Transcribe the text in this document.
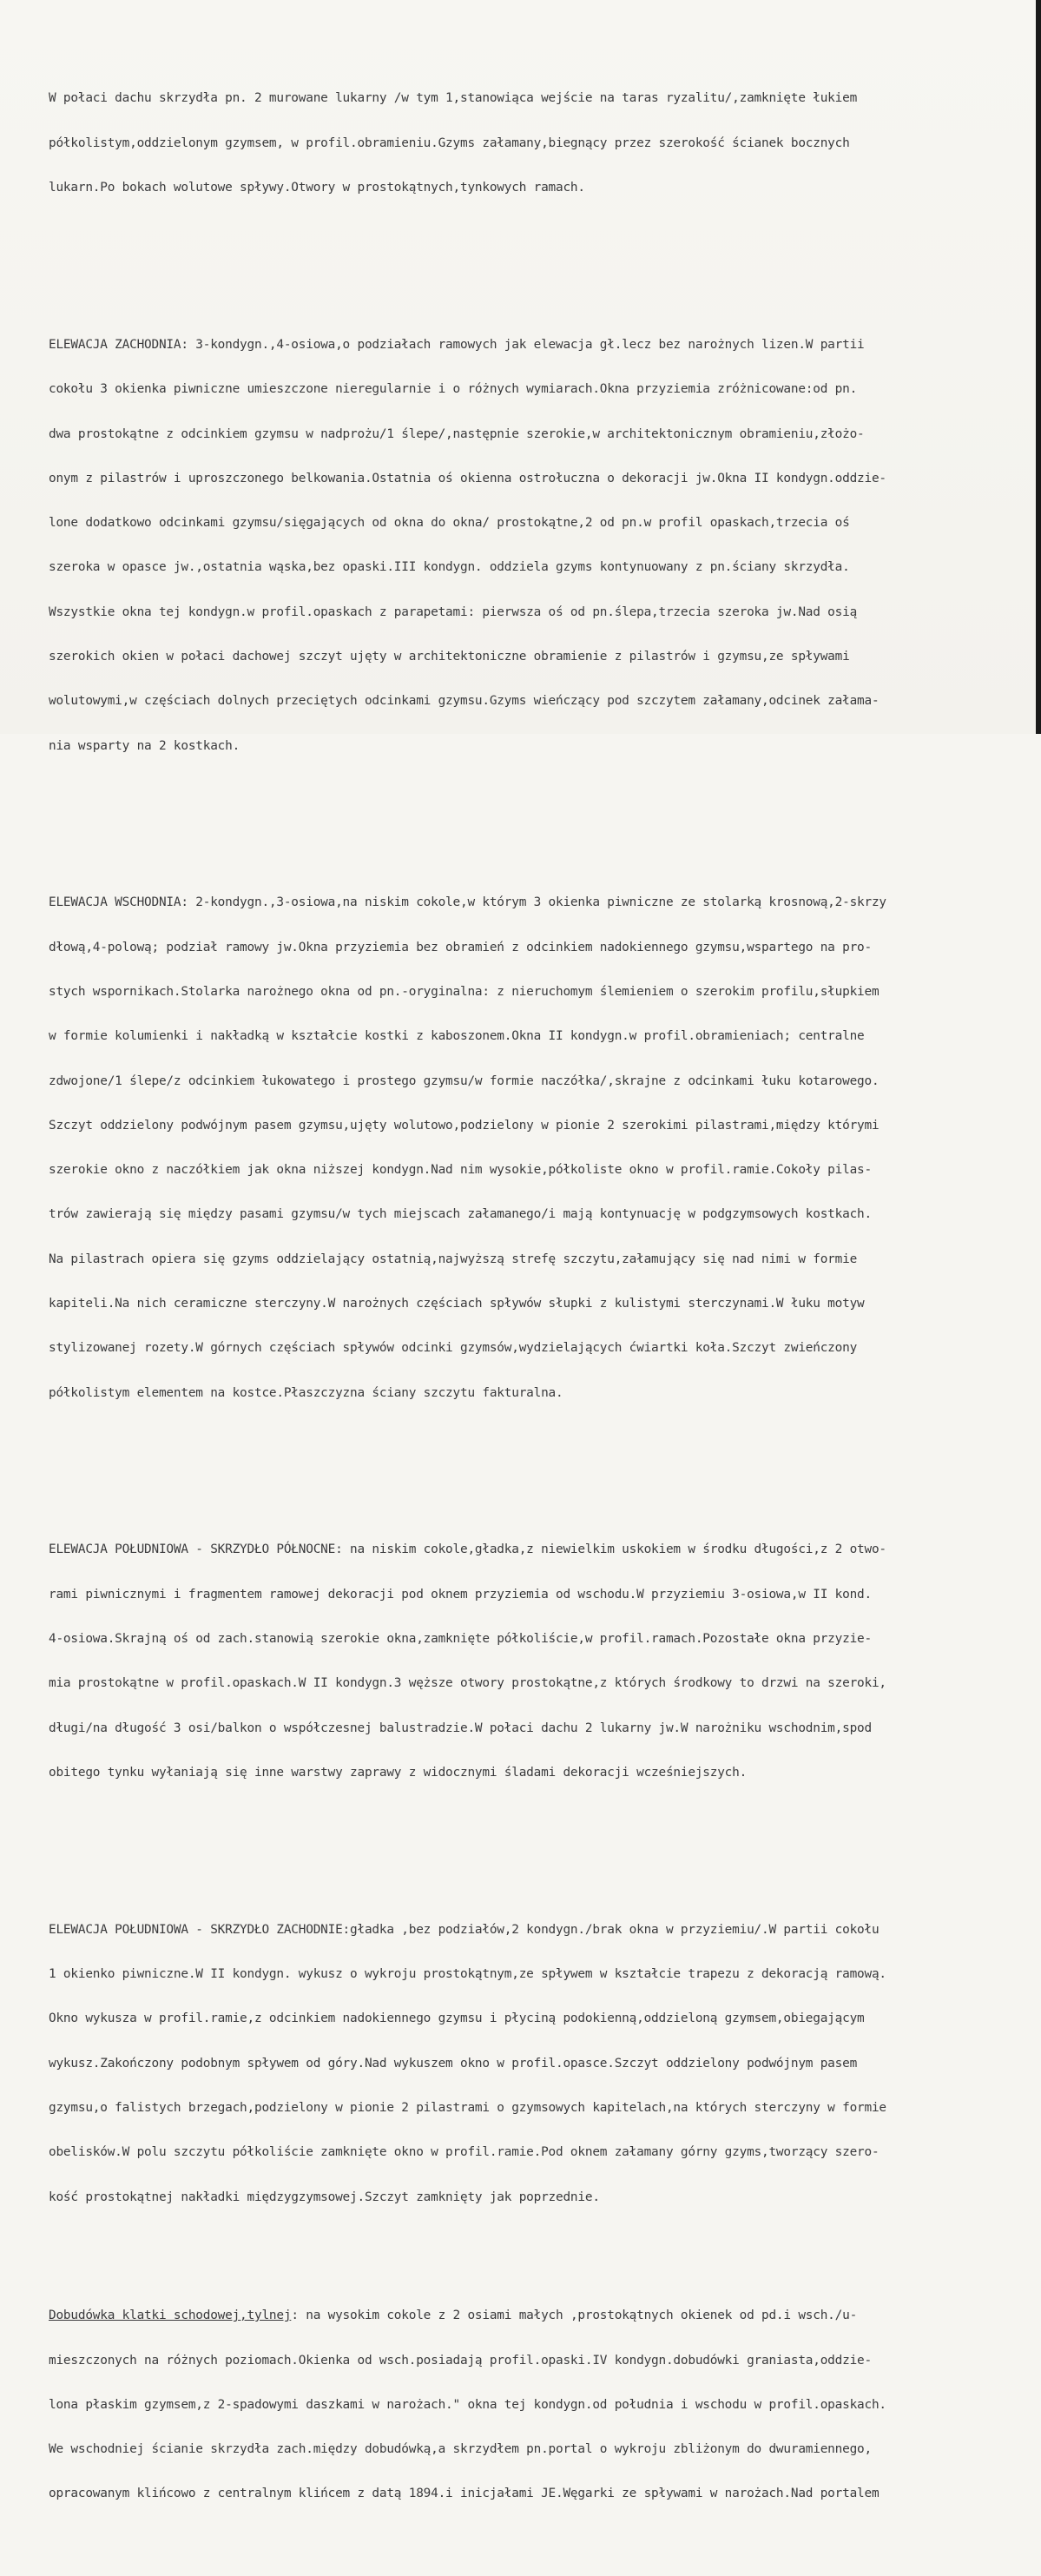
W połaci dachu skrzydła pn. 2 murowane lukarny /w tym 1,stanowiąca wejście na taras ryzalitu/,zamknięte łukiem

półkolistym,oddzielonym gzymsem, w profil.obramieniu.Gzyms załamany,biegnący przez szerokość ścianek bocznych

lukarn.Po bokach wolutowe spływy.Otwory w prostokątnych,tynkowych ramach.

ELEWACJA ZACHODNIA: 3-kondygn.,4-osiowa,o podziałach ramowych jak elewacja gł.lecz bez narożnych lizen.W partii

cokołu 3 okienka piwniczne umieszczone nieregularnie i o różnych wymiarach.Okna przyziemia zróżnicowane:od pn.

dwa prostokątne z odcinkiem gzymsu w nadprożu/1 ślepe/,następnie szerokie,w architektonicznym obramieniu,złożo-

onym z pilastrów i uproszczonego belkowania.Ostatnia oś okienna ostrołuczna o dekoracji jw.Okna II kondygn.oddzie-

lone dodatkowo odcinkami gzymsu/sięgających od okna do okna/ prostokątne,2 od pn.w profil opaskach,trzecia oś

szeroka w opasce jw.,ostatnia wąska,bez opaski.III kondygn. oddziela gzyms kontynuowany z pn.ściany skrzydła.

Wszystkie okna tej kondygn.w profil.opaskach z parapetami: pierwsza oś od pn.ślepa,trzecia szeroka jw.Nad osią

szerokich okien w połaci dachowej szczyt ujęty w architektoniczne obramienie z pilastrów i gzymsu,ze spływami

wolutowymi,w częściach dolnych przeciętych odcinkami gzymsu.Gzyms wieńczący pod szczytem załamany,odcinek załama-

nia wsparty na 2 kostkach.

ELEWACJA WSCHODNIA: 2-kondygn.,3-osiowa,na niskim cokole,w którym 3 okienka piwniczne ze stolarką krosnową,2-skrzy

dłową,4-polową; podział ramowy jw.Okna przyziemia bez obramień z odcinkiem nadokiennego gzymsu,wspartego na pro-

stych wspornikach.Stolarka narożnego okna od pn.-oryginalna: z nieruchomym ślemieniem o szerokim profilu,słupkiem

w formie kolumienki i nakładką w kształcie kostki z kaboszonem.Okna II kondygn.w profil.obramieniach; centralne

zdwojone/1 ślepe/z odcinkiem łukowatego i prostego gzymsu/w formie naczółka/,skrajne z odcinkami łuku kotarowego.

Szczyt oddzielony podwójnym pasem gzymsu,ujęty wolutowo,podzielony w pionie 2 szerokimi pilastrami,między którymi

szerokie okno z naczółkiem jak okna niższej kondygn.Nad nim wysokie,półkoliste okno w profil.ramie.Cokoły pilas-

trów zawierają się między pasami gzymsu/w tych miejscach załamanego/i mają kontynuację w podgzymsowych kostkach.

Na pilastrach opiera się gzyms oddzielający ostatnią,najwyższą strefę szczytu,załamujący się nad nimi w formie

kapiteli.Na nich ceramiczne sterczyny.W narożnych częściach spływów słupki z kulistymi sterczynami.W łuku motyw

stylizowanej rozety.W górnych częściach spływów odcinki gzymsów,wydzielających ćwiartki koła.Szczyt zwieńczony

półkolistym elementem na kostce.Płaszczyzna ściany szczytu fakturalna.

ELEWACJA POŁUDNIOWA - SKRZYDŁO PÓŁNOCNE: na niskim cokole,gładka,z niewielkim uskokiem w środku długości,z 2 otwo-

rami piwnicznymi i fragmentem ramowej dekoracji pod oknem przyziemia od wschodu.W przyziemiu 3-osiowa,w II kond.

4-osiowa.Skrajną oś od zach.stanowią szerokie okna,zamknięte półkoliście,w profil.ramach.Pozostałe okna przyzie-

mia prostokątne w profil.opaskach.W II kondygn.3 węższe otwory prostokątne,z których środkowy to drzwi na szeroki,

długi/na długość 3 osi/balkon o współczesnej balustradzie.W połaci dachu 2 lukarny jw.W narożniku wschodnim,spod

obitego tynku wyłaniają się inne warstwy zaprawy z widocznymi śladami dekoracji wcześniejszych.

ELEWACJA POŁUDNIOWA - SKRZYDŁO ZACHODNIE:gładka ,bez podziałów,2 kondygn./brak okna w przyziemiu/.W partii cokołu

1 okienko piwniczne.W II kondygn. wykusz o wykroju prostokątnym,ze spływem w kształcie trapezu z dekoracją ramową.

Okno wykusza w profil.ramie,z odcinkiem nadokiennego gzymsu i płyciną podokienną,oddzieloną gzymsem,obiegającym

wykusz.Zakończony podobnym spływem od góry.Nad wykuszem okno w profil.opasce.Szczyt oddzielony podwójnym pasem

gzymsu,o falistych brzegach,podzielony w pionie 2 pilastrami o gzymsowych kapitelach,na których sterczyny w formie

obelisków.W polu szczytu półkoliście zamknięte okno w profil.ramie.Pod oknem załamany górny gzyms,tworzący szero-

kość prostokątnej nakładki międzygzymsowej.Szczyt zamknięty jak poprzednie.

Dobudówka klatki schodowej,tylnej: na wysokim cokole z 2 osiami małych ,prostokątnych okienek od pd.i wsch./u-

mieszczonych na różnych poziomach.Okienka od wsch.posiadają profil.opaski.IV kondygn.dobudówki graniasta,oddzie-

lona płaskim gzymsem,z 2-spadowymi daszkami w narożach." okna tej kondygn.od południa i wschodu w profil.opaskach.

We wschodniej ścianie skrzydła zach.między dobudówką,a skrzydłem pn.portal o wykroju zbliżonym do dwuramiennego,

opracowanym klińcowo z centralnym klińcem z datą 1894.i inicjałami JE.Węgarki ze spływami w narożach.Nad portalem
